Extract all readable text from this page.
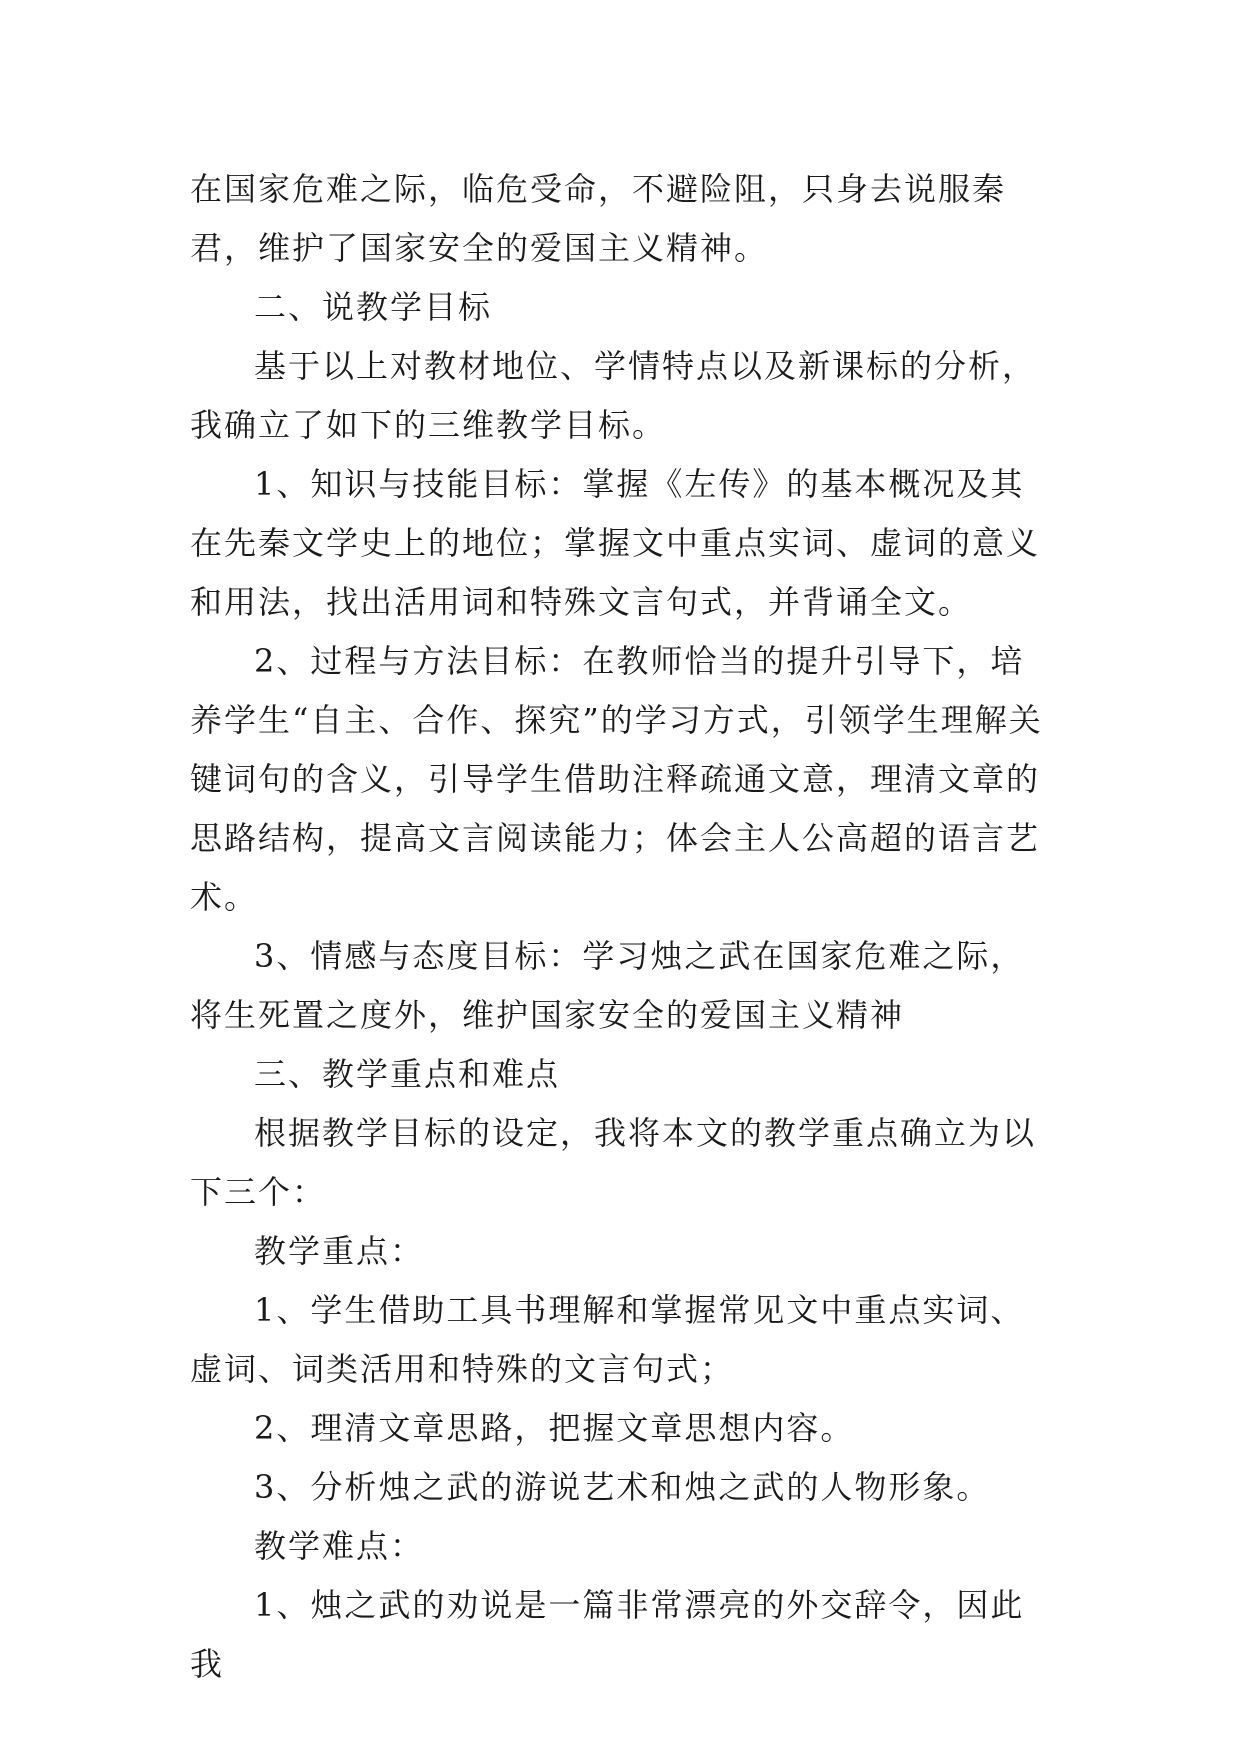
在国家危难之际，临危受命，不避险阻，只身去说服秦君，维护了国家安全的爱国主义精神。

二、说教学目标

基于以上对教材地位、学情特点以及新课标的分析，我确立了如下的三维教学目标。

1、知识与技能目标：掌握《左传》的基本概况及其在先秦文学史上的地位；掌握文中重点实词、虚词的意义和用法，找出活用词和特殊文言句式，并背诵全文。

2、过程与方法目标：在教师恰当的提升引导下，培养学生“自主、合作、探究”的学习方式，引领学生理解关键词句的含义，引导学生借助注释疏通文意，理清文章的思路结构，提高文言阅读能力；体会主人公高超的语言艺术。

3、情感与态度目标：学习烛之武在国家危难之际，将生死置之度外，维护国家安全的爱国主义精神

三、教学重点和难点

根据教学目标的设定，我将本文的教学重点确立为以下三个：

教学重点：

1、学生借助工具书理解和掌握常见文中重点实词、虚词、词类活用和特殊的文言句式；

2、理清文章思路，把握文章思想内容。

3、分析烛之武的游说艺术和烛之武的人物形象。

教学难点：

1、烛之武的劝说是一篇非常漂亮的外交辞令，因此我
